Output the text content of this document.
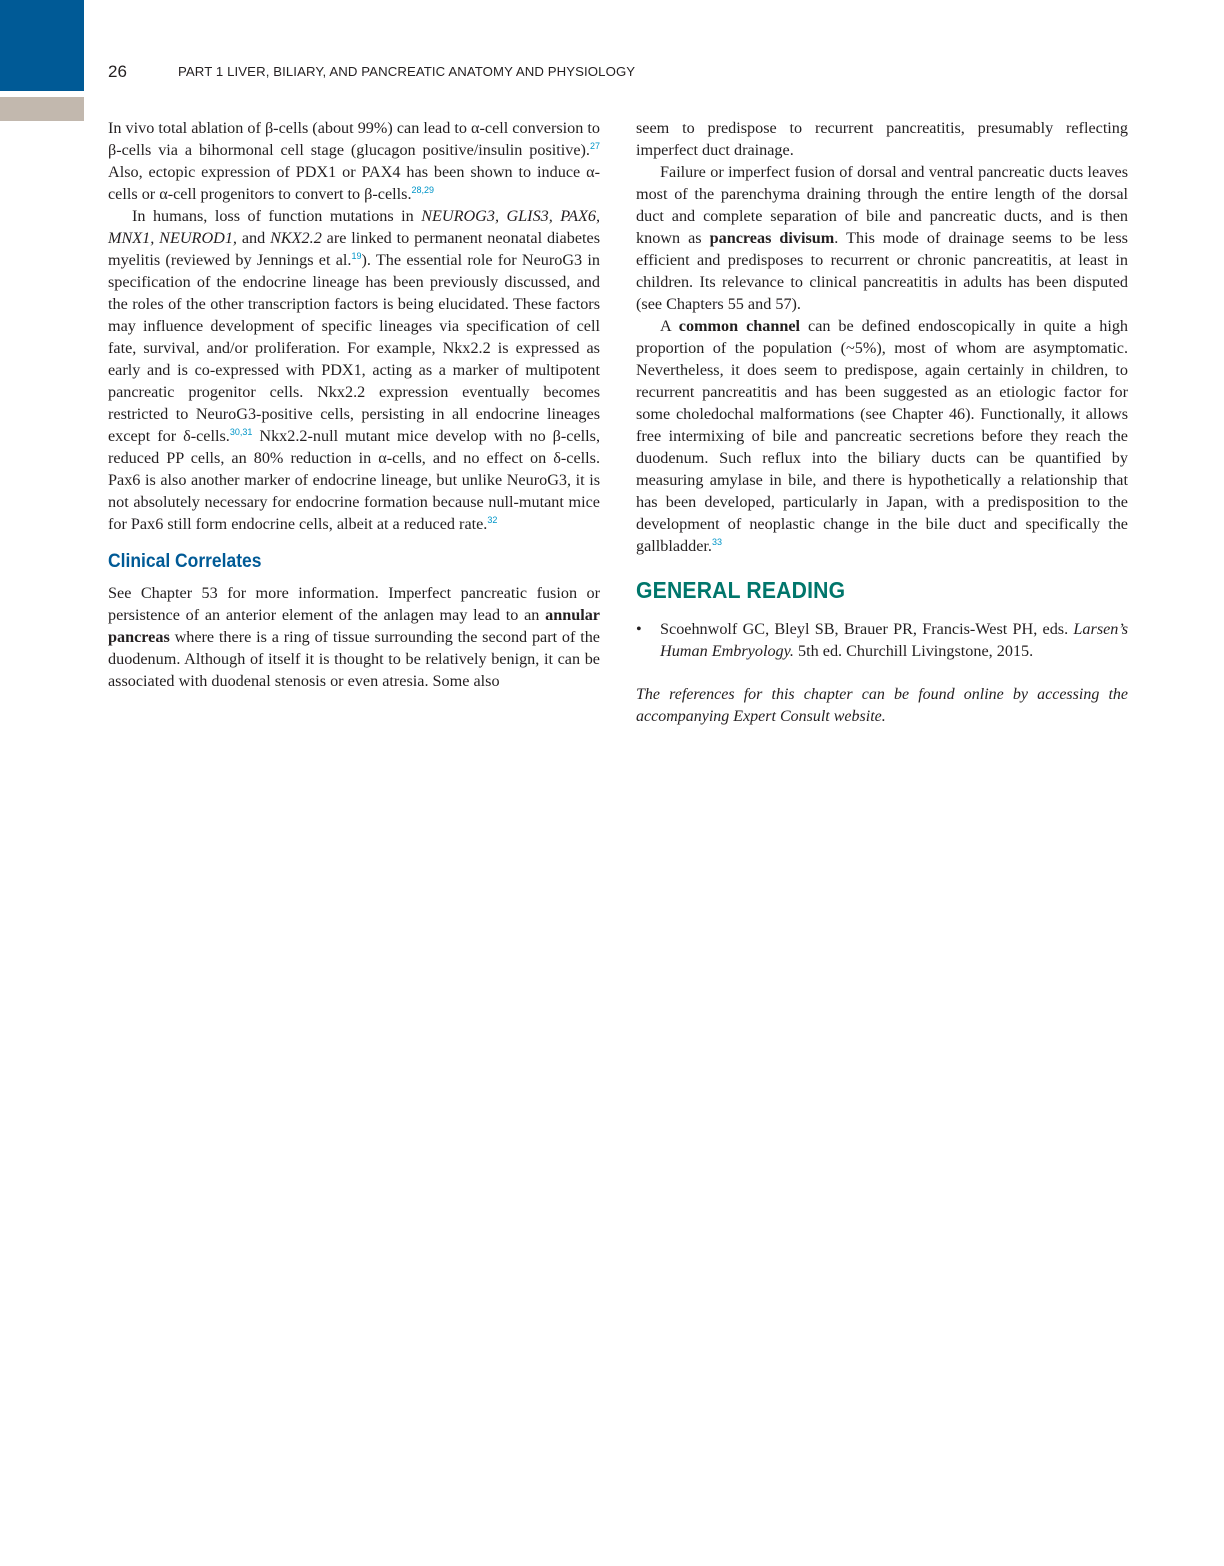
26	PART 1 LIVER, BILIARY, AND PANCREATIC ANATOMY AND PHYSIOLOGY

In vivo total ablation of β-cells (about 99%) can lead to α-cell conversion to β-cells via a bihormonal cell stage (glucagon positive/insulin positive).$^{27}$ Also, ectopic expression of PDX1 or PAX4 has been shown to induce α-cells or α-cell progenitors to convert to β-cells.$^{28,29}$

In humans, loss of function mutations in NEUROG3, GLIS3, PAX6, MNX1, NEUROD1, and NKX2.2 are linked to permanent neonatal diabetes myelitis (reviewed by Jennings et al.$^{19}$). The essential role for NeuroG3 in specification of the endocrine lineage has been previously discussed, and the roles of the other transcription factors is being elucidated. These factors may influence development of specific lineages via specification of cell fate, survival, and/or proliferation. For example, Nkx2.2 is expressed as early and is co-expressed with PDX1, acting as a marker of multipotent pancreatic progenitor cells. Nkx2.2 expression eventually becomes restricted to NeuroG3-positive cells, persisting in all endocrine lineages except for δ-cells.$^{30,31}$ Nkx2.2-null mutant mice develop with no β-cells, reduced PP cells, an 80% reduction in α-cells, and no effect on δ-cells. Pax6 is also another marker of endocrine lineage, but unlike NeuroG3, it is not absolutely necessary for endocrine formation because null-mutant mice for Pax6 still form endocrine cells, albeit at a reduced rate.$^{32}$

Clinical Correlates

See Chapter 53 for more information. Imperfect pancreatic fusion or persistence of an anterior element of the anlagen may lead to an annular pancreas where there is a ring of tissue surrounding the second part of the duodenum. Although of itself it is thought to be relatively benign, it can be associated with duodenal stenosis or even atresia. Some also

seem to predispose to recurrent pancreatitis, presumably reflecting imperfect duct drainage.

Failure or imperfect fusion of dorsal and ventral pancreatic ducts leaves most of the parenchyma draining through the entire length of the dorsal duct and complete separation of bile and pancreatic ducts, and is then known as pancreas divisum. This mode of drainage seems to be less efficient and predisposes to recurrent or chronic pancreatitis, at least in children. Its relevance to clinical pancreatitis in adults has been disputed (see Chapters 55 and 57).

A common channel can be defined endoscopically in quite a high proportion of the population (~5%), most of whom are asymptomatic. Nevertheless, it does seem to predispose, again certainly in children, to recurrent pancreatitis and has been suggested as an etiologic factor for some choledochal malformations (see Chapter 46). Functionally, it allows free intermixing of bile and pancreatic secretions before they reach the duodenum. Such reflux into the biliary ducts can be quantified by measuring amylase in bile, and there is hypothetically a relationship that has been developed, particularly in Japan, with a predisposition to the development of neoplastic change in the bile duct and specifically the gallbladder.$^{33}$

GENERAL READING
• Scoehnwolf GC, Bleyl SB, Brauer PR, Francis-West PH, eds. Larsen’s Human Embryology. 5th ed. Churchill Livingstone, 2015.
The references for this chapter can be found online by accessing the accompanying Expert Consult website.
